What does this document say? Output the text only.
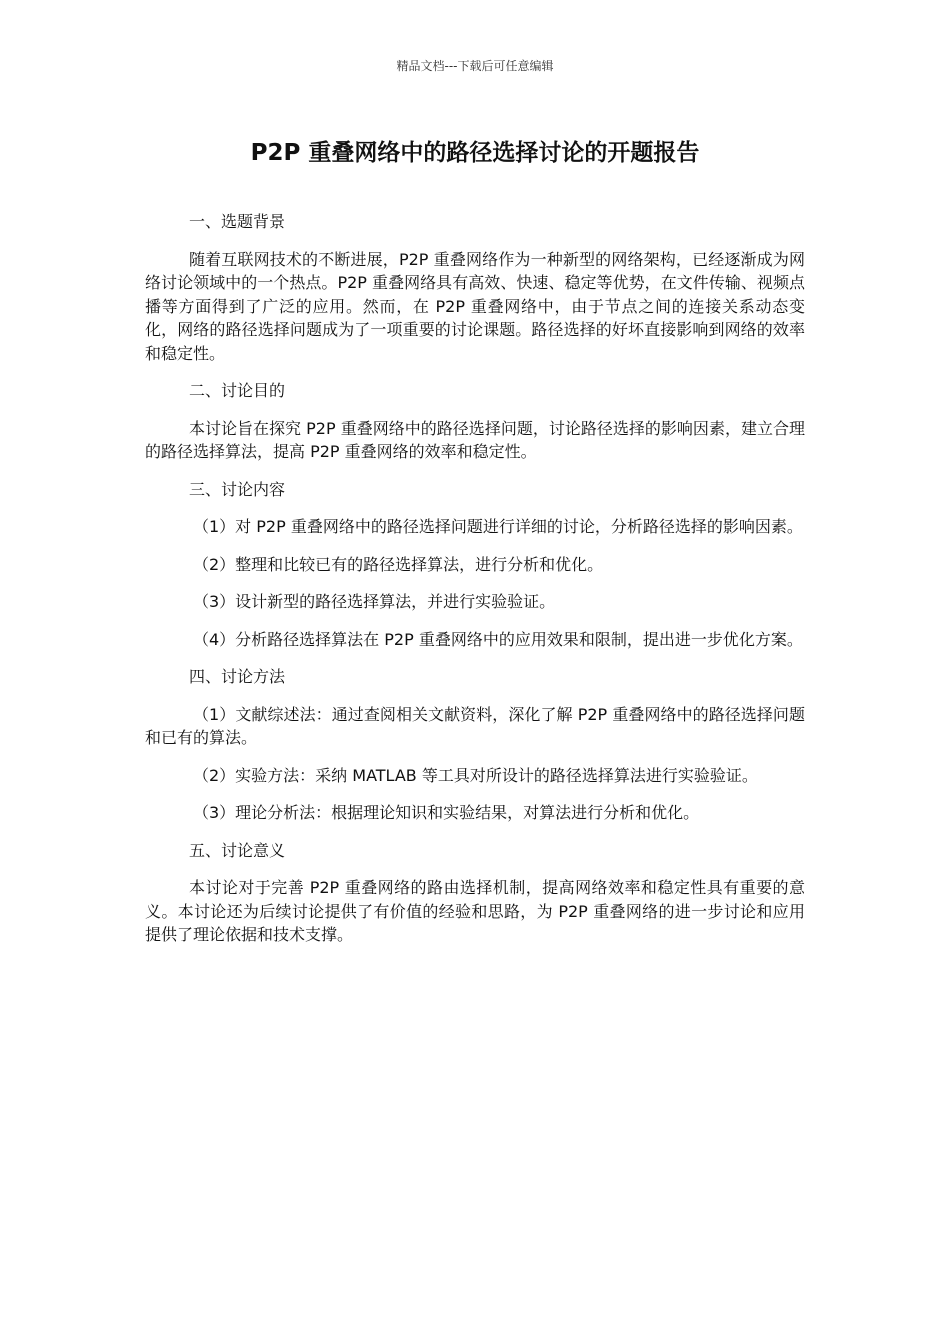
精品文档---下载后可任意编辑
P2P 重叠网络中的路径选择讨论的开题报告

一、选题背景

随着互联网技术的不断进展，P2P 重叠网络作为一种新型的网络架构，已经逐渐成为网络讨论领域中的一个热点。P2P 重叠网络具有高效、快速、稳定等优势，在文件传输、视频点播等方面得到了广泛的应用。然而，在 P2P 重叠网络中，由于节点之间的连接关系动态变化，网络的路径选择问题成为了一项重要的讨论课题。路径选择的好坏直接影响到网络的效率和稳定性。

二、讨论目的

本讨论旨在探究 P2P 重叠网络中的路径选择问题，讨论路径选择的影响因素，建立合理的路径选择算法，提高 P2P 重叠网络的效率和稳定性。

三、讨论内容

（1）对 P2P 重叠网络中的路径选择问题进行详细的讨论，分析路径选择的影响因素。

（2）整理和比较已有的路径选择算法，进行分析和优化。

（3）设计新型的路径选择算法，并进行实验验证。

（4）分析路径选择算法在 P2P 重叠网络中的应用效果和限制，提出进一步优化方案。

四、讨论方法

（1）文献综述法：通过查阅相关文献资料，深化了解 P2P 重叠网络中的路径选择问题和已有的算法。

（2）实验方法：采纳 MATLAB 等工具对所设计的路径选择算法进行实验验证。

（3）理论分析法：根据理论知识和实验结果，对算法进行分析和优化。

五、讨论意义

本讨论对于完善 P2P 重叠网络的路由选择机制，提高网络效率和稳定性具有重要的意义。本讨论还为后续讨论提供了有价值的经验和思路，为 P2P 重叠网络的进一步讨论和应用提供了理论依据和技术支撑。
